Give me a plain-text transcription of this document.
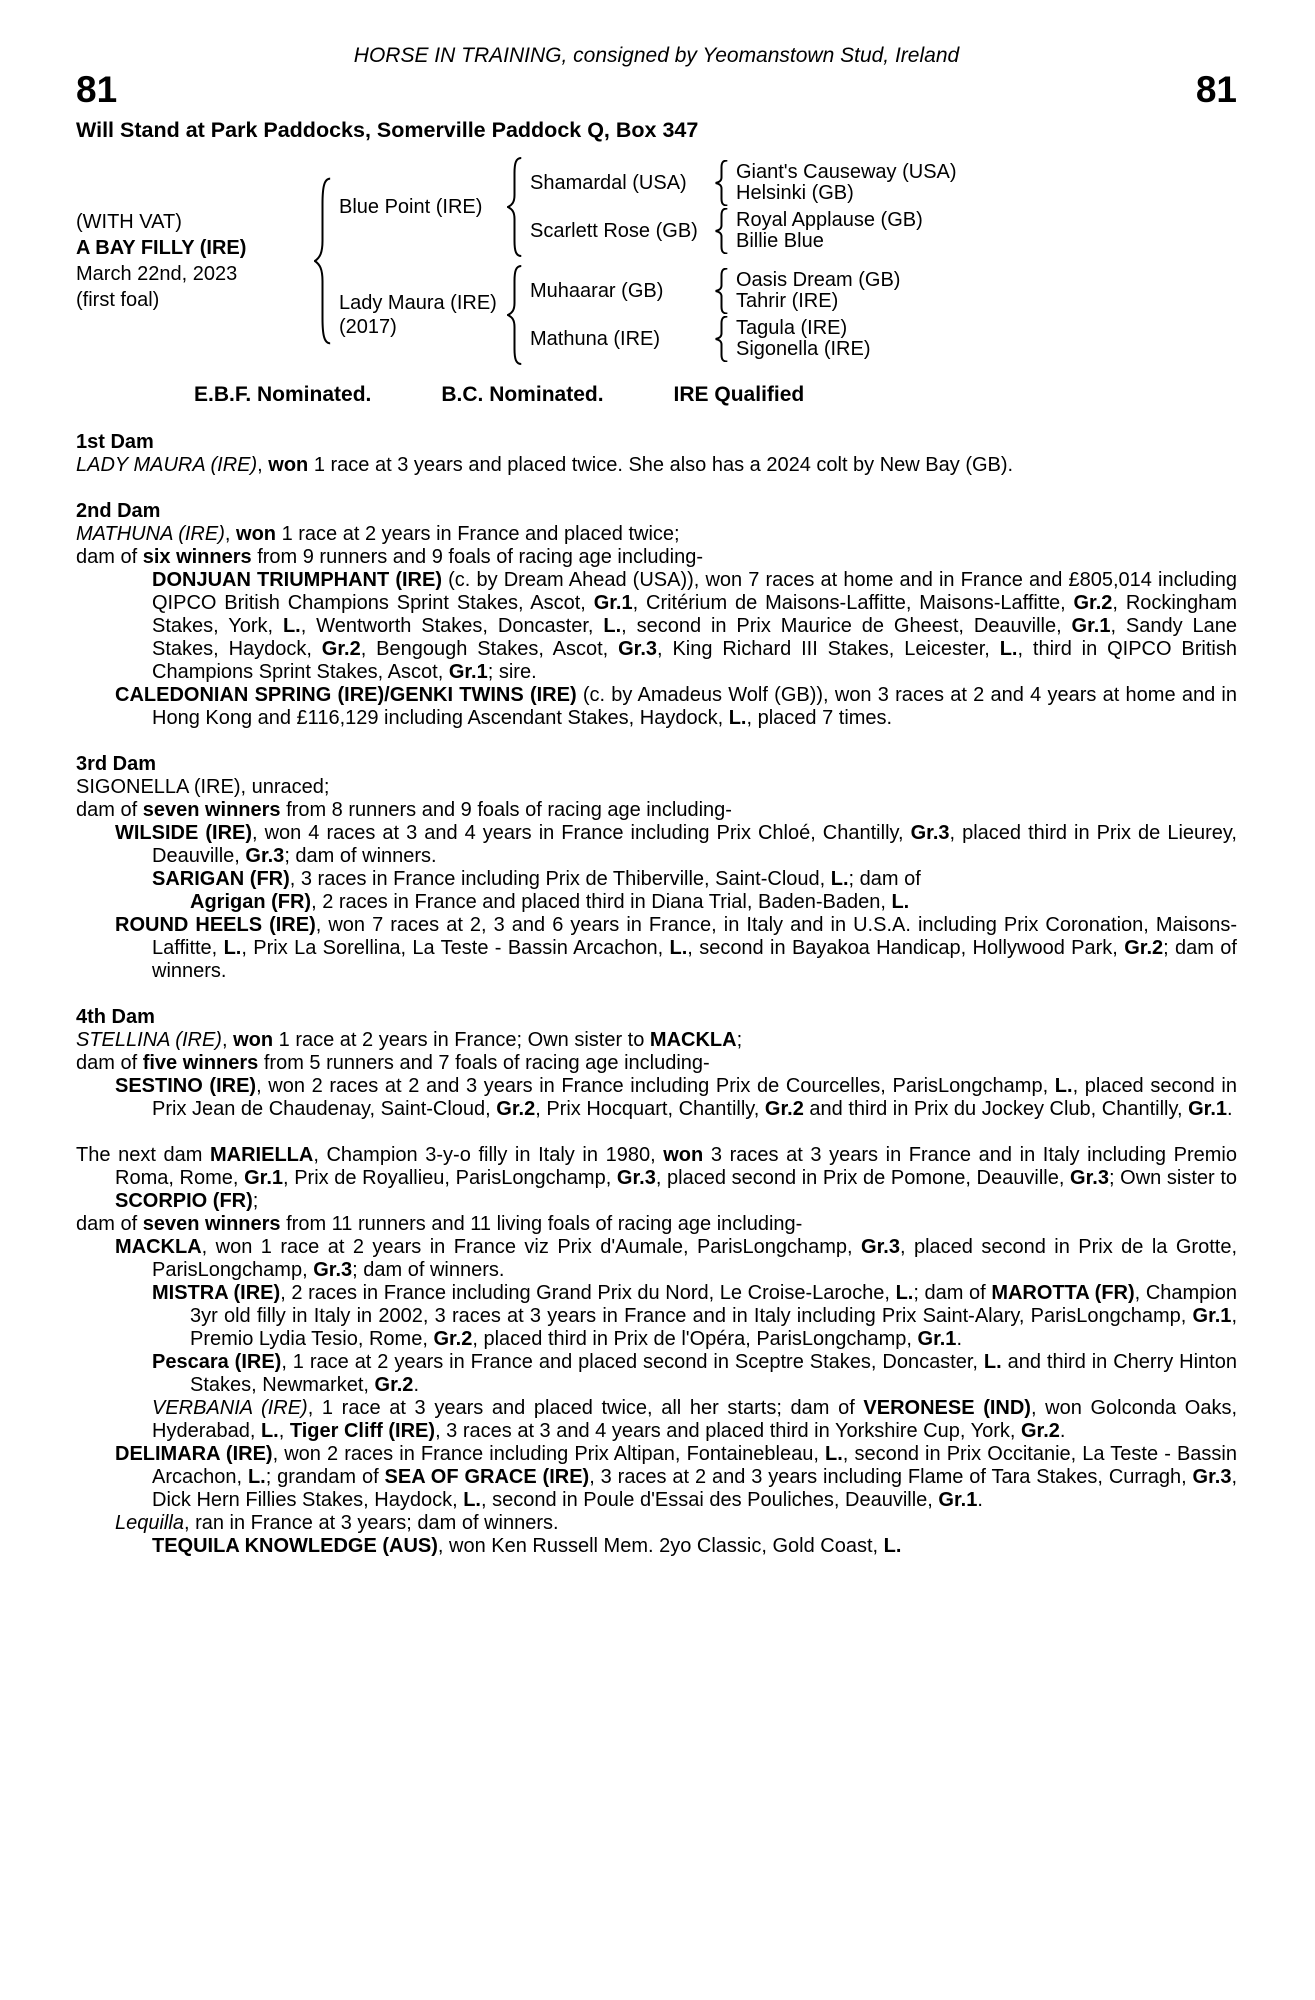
HORSE IN TRAINING, consigned by Yeomanstown Stud, Ireland
81	81
Will Stand at Park Paddocks, Somerville Paddock Q, Box 347
(WITH VAT)
A BAY FILLY (IRE)
March 22nd, 2023
(first foal)
Blue Point (IRE)
Shamardal (USA)	Giant's Causeway (USA)
Helsinki (GB)
Scarlett Rose (GB)	Royal Applause (GB)
Billie Blue
Lady Maura (IRE)
(2017)
Muhaarar (GB)	Oasis Dream (GB)
Tahrir (IRE)
Mathuna (IRE)	Tagula (IRE)
Sigonella (IRE)
E.B.F. Nominated.	B.C. Nominated.	IRE Qualified
1st Dam
LADY MAURA (IRE), won 1 race at 3 years and placed twice. She also has a 2024 colt by New Bay (GB).
2nd Dam
MATHUNA (IRE), won 1 race at 2 years in France and placed twice;
dam of six winners from 9 runners and 9 foals of racing age including-
DONJUAN TRIUMPHANT (IRE) (c. by Dream Ahead (USA)), won 7 races at home and in France and £805,014 including QIPCO British Champions Sprint Stakes, Ascot, Gr.1, Critérium de Maisons-Laffitte, Maisons-Laffitte, Gr.2, Rockingham Stakes, York, L., Wentworth Stakes, Doncaster, L., second in Prix Maurice de Gheest, Deauville, Gr.1, Sandy Lane Stakes, Haydock, Gr.2, Bengough Stakes, Ascot, Gr.3, King Richard III Stakes, Leicester, L., third in QIPCO British Champions Sprint Stakes, Ascot, Gr.1; sire.
CALEDONIAN SPRING (IRE)/GENKI TWINS (IRE) (c. by Amadeus Wolf (GB)), won 3 races at 2 and 4 years at home and in Hong Kong and £116,129 including Ascendant Stakes, Haydock, L., placed 7 times.
3rd Dam
SIGONELLA (IRE), unraced;
dam of seven winners from 8 runners and 9 foals of racing age including-
WILSIDE (IRE), won 4 races at 3 and 4 years in France including Prix Chloé, Chantilly, Gr.3, placed third in Prix de Lieurey, Deauville, Gr.3; dam of winners.
SARIGAN (FR), 3 races in France including Prix de Thiberville, Saint-Cloud, L.; dam of
Agrigan (FR), 2 races in France and placed third in Diana Trial, Baden-Baden, L.
ROUND HEELS (IRE), won 7 races at 2, 3 and 6 years in France, in Italy and in U.S.A. including Prix Coronation, Maisons-Laffitte, L., Prix La Sorellina, La Teste - Bassin Arcachon, L., second in Bayakoa Handicap, Hollywood Park, Gr.2; dam of winners.
4th Dam
STELLINA (IRE), won 1 race at 2 years in France; Own sister to MACKLA;
dam of five winners from 5 runners and 7 foals of racing age including-
SESTINO (IRE), won 2 races at 2 and 3 years in France including Prix de Courcelles, ParisLongchamp, L., placed second in Prix Jean de Chaudenay, Saint-Cloud, Gr.2, Prix Hocquart, Chantilly, Gr.2 and third in Prix du Jockey Club, Chantilly, Gr.1.
The next dam MARIELLA, Champion 3-y-o filly in Italy in 1980, won 3 races at 3 years in France and in Italy including Premio Roma, Rome, Gr.1, Prix de Royallieu, ParisLongchamp, Gr.3, placed second in Prix de Pomone, Deauville, Gr.3; Own sister to SCORPIO (FR);
dam of seven winners from 11 runners and 11 living foals of racing age including-
MACKLA, won 1 race at 2 years in France viz Prix d'Aumale, ParisLongchamp, Gr.3, placed second in Prix de la Grotte, ParisLongchamp, Gr.3; dam of winners.
MISTRA (IRE), 2 races in France including Grand Prix du Nord, Le Croise-Laroche, L.; dam of MAROTTA (FR), Champion 3yr old filly in Italy in 2002, 3 races at 3 years in France and in Italy including Prix Saint-Alary, ParisLongchamp, Gr.1, Premio Lydia Tesio, Rome, Gr.2, placed third in Prix de l'Opéra, ParisLongchamp, Gr.1.
Pescara (IRE), 1 race at 2 years in France and placed second in Sceptre Stakes, Doncaster, L. and third in Cherry Hinton Stakes, Newmarket, Gr.2.
VERBANIA (IRE), 1 race at 3 years and placed twice, all her starts; dam of VERONESE (IND), won Golconda Oaks, Hyderabad, L., Tiger Cliff (IRE), 3 races at 3 and 4 years and placed third in Yorkshire Cup, York, Gr.2.
DELIMARA (IRE), won 2 races in France including Prix Altipan, Fontainebleau, L., second in Prix Occitanie, La Teste - Bassin Arcachon, L.; grandam of SEA OF GRACE (IRE), 3 races at 2 and 3 years including Flame of Tara Stakes, Curragh, Gr.3, Dick Hern Fillies Stakes, Haydock, L., second in Poule d'Essai des Pouliches, Deauville, Gr.1.
Lequilla, ran in France at 3 years; dam of winners.
TEQUILA KNOWLEDGE (AUS), won Ken Russell Mem. 2yo Classic, Gold Coast, L.
